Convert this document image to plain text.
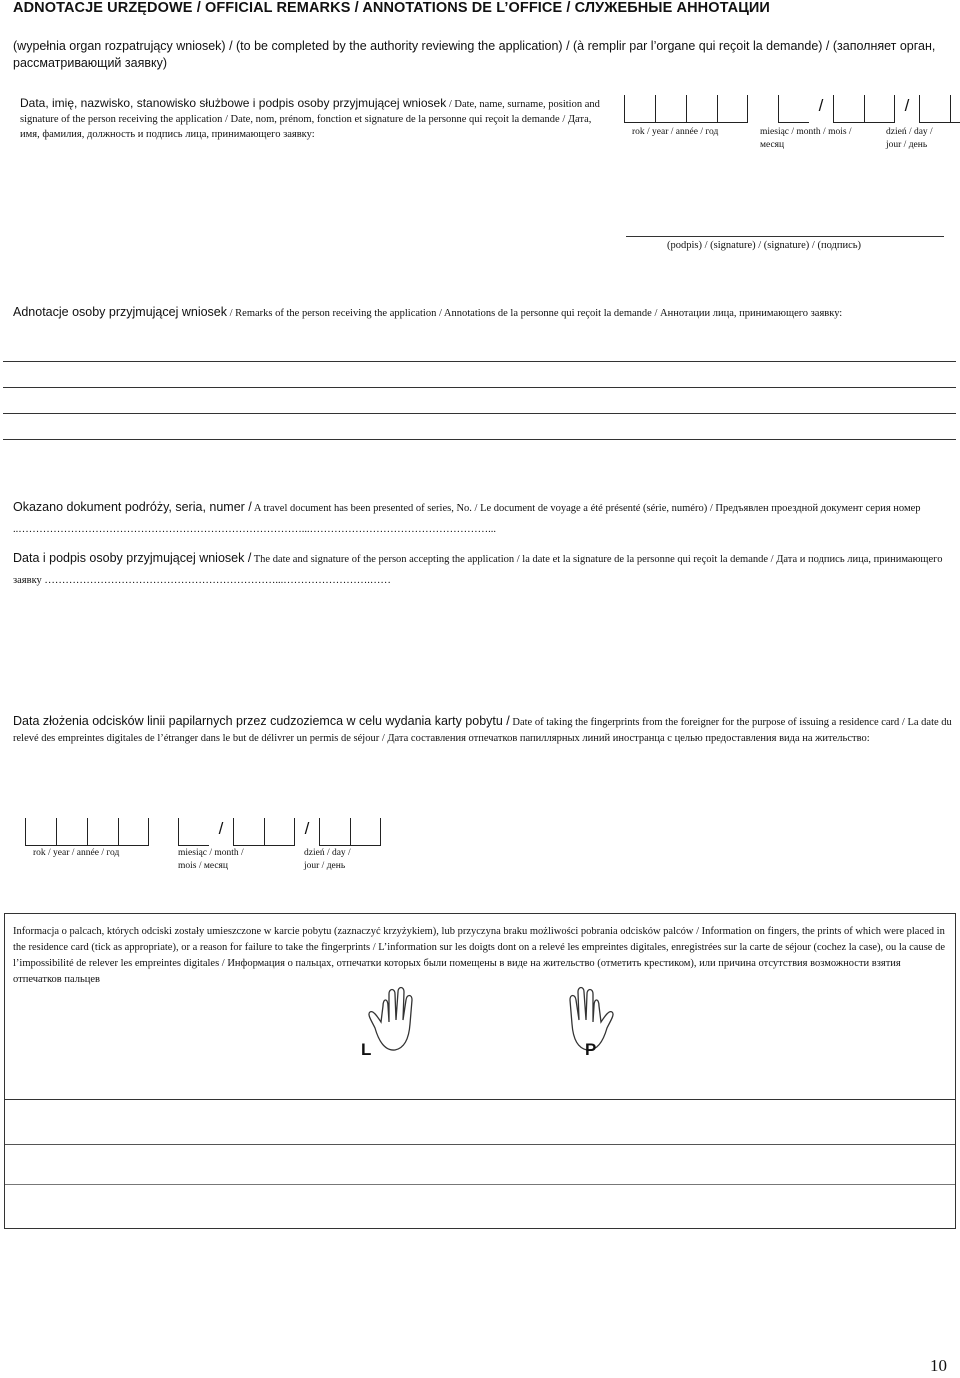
ADNOTACJE URZĘDOWE / OFFICIAL REMARKS / ANNOTATIONS DE L’OFFICE / СЛУЖЕБНЫЕ АННОТАЦИИ
(wypełnia organ rozpatrujący wniosek) / (to be completed by the authority reviewing the application) / (à remplir par l’organe qui reçoit la demande) / (заполняет орган, рассматривающий заявку)
Data, imię, nazwisko, stanowisko służbowe i podpis osoby przyjmującej wniosek / Date, name, surname, position and signature of the person receiving the application / Date, nom, prénom, fonction et signature de la personne qui reçoit la demande / Дата, имя, фамилия, должность и подпись лица, принимающего заявку:
/	/
rok / year / année / год	miesiąc / month / mois / месяц
dzień / day / jour / день
(podpis) / (signature) / (signature) / (подпись)
Adnotacje osoby przyjmującej wniosek / Remarks of the person receiving the application / Annotations de la personne qui reçoit la demande / Аннотации лица, принимающего заявку:
Okazano dokument podróży, seria, numer / A travel document has been presented of series, No. / Le document de voyage a été présenté (série, numéro) / Предъявлен проездной документ серия номер ..………………………………………………………………………...……………………………………………...
Data i podpis osoby przyjmującej wniosek / The date and signature of the person accepting the application / la date et la signature de la personne qui reçoit la demande / Дата и подпись лица, принимающего заявку …………………………………………………………...…………………….……
Data złożenia odcisków linii papilarnych przez cudzoziemca w celu wydania karty pobytu / Date of taking the fingerprints from the foreigner for the purpose of issuing a residence card / La date du relevé des empreintes digitales de l’étranger dans le but de délivrer un permis de séjour / Дата составления отпечатков папиллярных линий иностранца с целью предоставления вида на жительство:
/	/
rok / year / année / год	miesiąc / month / mois / месяц
dzień / day / jour / день
Informacja o palcach, których odciski zostały umieszczone w karcie pobytu (zaznaczyć krzyżykiem), lub przyczyna braku możliwości pobrania odcisków palców / Information on fingers, the prints of which were placed in the residence card (tick as appropriate), or a reason for failure to take the fingerprints / L’information sur les doigts dont on a relevé les empreintes digitales, enregistrées sur la carte de séjour (cochez la case), ou la cause de l’impossibilité de relever les empreintes digitales / Информация о пальцах, отпечатки которых были помещены в виде на жительство (отметить крестиком), или причина отсутствия возможности взятия отпечатков пальцев
L	P
10
